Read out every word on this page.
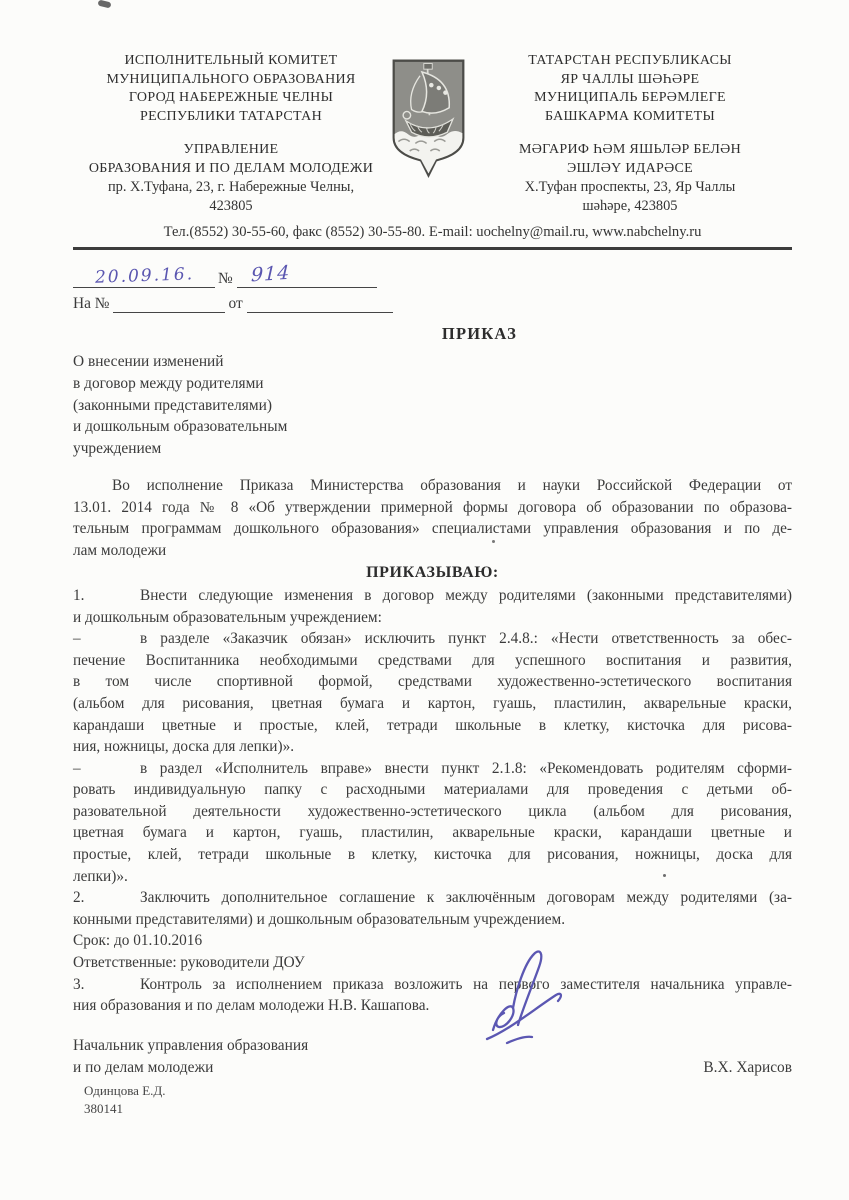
ИСПОЛНИТЕЛЬНЫЙ КОМИТЕТ
МУНИЦИПАЛЬНОГО ОБРАЗОВАНИЯ
ГОРОД НАБЕРЕЖНЫЕ ЧЕЛНЫ
РЕСПУБЛИКИ ТАТАРСТАН
УПРАВЛЕНИЕ
ОБРАЗОВАНИЯ И ПО ДЕЛАМ МОЛОДЕЖИ
пр. Х.Туфана, 23, г. Набережные Челны,
423805
ТАТАРСТАН РЕСПУБЛИКАСЫ
ЯР ЧАЛЛЫ ШӘҺӘРЕ
МУНИЦИПАЛЬ БЕРӘМЛЕГЕ
БАШКАРМА КОМИТЕТЫ
МӘГАРИФ ҺӘМ ЯШЬЛӘР БЕЛӘН
ЭШЛӘҮ ИДАРӘСЕ
Х.Туфан проспекты, 23, Яр Чаллы
шәһәре, 423805
Тел.(8552) 30-55-60, факс (8552) 30-55-80. E-mail: uochelny@mail.ru, www.nabchelny.ru
20.09.16. № 914
На №	от
ПРИКАЗ
О внесении изменений
в договор между родителями
(законными представителями)
и дошкольным образовательным
учреждением
Во исполнение Приказа Министерства образования и науки Российской Федерации от
13.01. 2014 года № 8 «Об утверждении примерной формы договора об образовании по образова-
тельным программам дошкольного образования» специалистами управления образования и по де-
лам молодежи
ПРИКАЗЫВАЮ:
1.	Внести следующие изменения в договор между родителями (законными представителями)
и дошкольным образовательным учреждением:
–	в разделе «Заказчик обязан» исключить пункт 2.4.8.: «Нести ответственность за обес-
печение Воспитанника необходимыми средствами для успешного воспитания и развития,
в том числе спортивной формой, средствами художественно-эстетического воспитания
(альбом для рисования, цветная бумага и картон, гуашь, пластилин, акварельные краски,
карандаши цветные и простые, клей, тетради школьные в клетку, кисточка для рисова-
ния, ножницы, доска для лепки)».
–	в раздел «Исполнитель вправе» внести пункт 2.1.8: «Рекомендовать родителям сформи-
ровать индивидуальную папку с расходными материалами для проведения с детьми об-
разовательной деятельности художественно-эстетического цикла (альбом для рисования,
цветная бумага и картон, гуашь, пластилин, акварельные краски, карандаши цветные и
простые, клей, тетради школьные в клетку, кисточка для рисования, ножницы, доска для
лепки)».
2.	Заключить дополнительное соглашение к заключённым договорам между родителями (за-
конными представителями) и дошкольным образовательным учреждением.
Срок: до 01.10.2016
Ответственные: руководители ДОУ
3.	Контроль за исполнением приказа возложить на первого заместителя начальника управле-
ния образования и по делам молодежи Н.В. Кашапова.
Начальник управления образования
и по делам молодежи	В.Х. Харисов
Одинцова Е.Д.
380141
